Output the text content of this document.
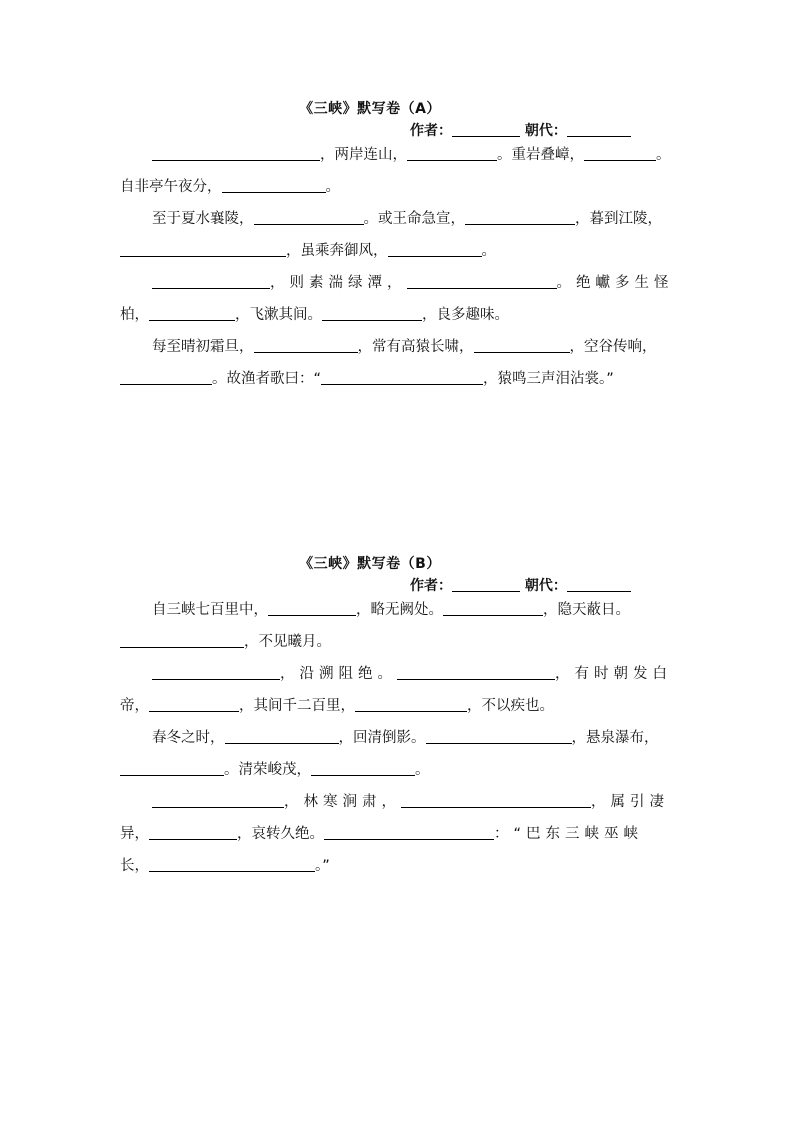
《三峡》默写卷（A）
作者：	朝代：
，两岸连山，	。重岩叠嶂，	。
自非亭午夜分，	。
至于夏水襄陵，	。或王命急宣，	，暮到江陵，
，虽乘奔御风，	。
，则素湍绿潭，	。绝巘多生怪
柏，	，飞漱其间。	，良多趣味。
每至晴初霜旦，	，常有高猿长啸，	，空谷传响，
。故渔者歌曰：“	，猿鸣三声泪沾裳。”
《三峡》默写卷（B）
作者：	朝代：
自三峡七百里中，	，略无阙处。	，隐天蔽日。
，不见曦月。
，沿溯阻绝。	，有时朝发白
帝，	，其间千二百里，	，不以疾也。
春冬之时，	，回清倒影。	，悬泉瀑布，
。清荣峻茂，	。
，林寒涧肃，	，属引凄
异，	，哀转久绝。	：“巴东三峡巫峡
长，	。”
